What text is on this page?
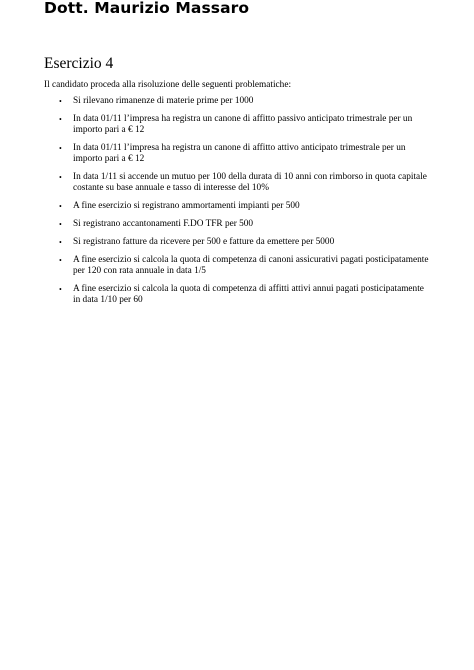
Dott. Maurizio Massaro
Esercizio 4

Il candidato proceda alla risoluzione delle seguenti problematiche:

• Si rilevano rimanenze di materie prime per 1000
• In data 01/11 l’impresa ha registra un canone di affitto passivo anticipato trimestrale per un importo pari a € 12
• In data 01/11 l’impresa ha registra un canone di affitto attivo anticipato trimestrale per un importo pari a € 12
• In data 1/11 si accende un mutuo per 100 della durata di 10 anni con rimborso in quota capitale costante su base annuale e tasso di interesse del 10%
• A fine esercizio si registrano ammortamenti impianti per 500
• Si registrano accantonamenti F.DO TFR per 500
• Si registrano fatture da ricevere per 500 e fatture da emettere per 5000
• A fine esercizio si calcola la quota di competenza di canoni assicurativi pagati posticipatamente per 120 con rata annuale in data 1/5
• A fine esercizio si calcola la quota di competenza di affitti attivi annui pagati posticipatamente in data 1/10 per 60
